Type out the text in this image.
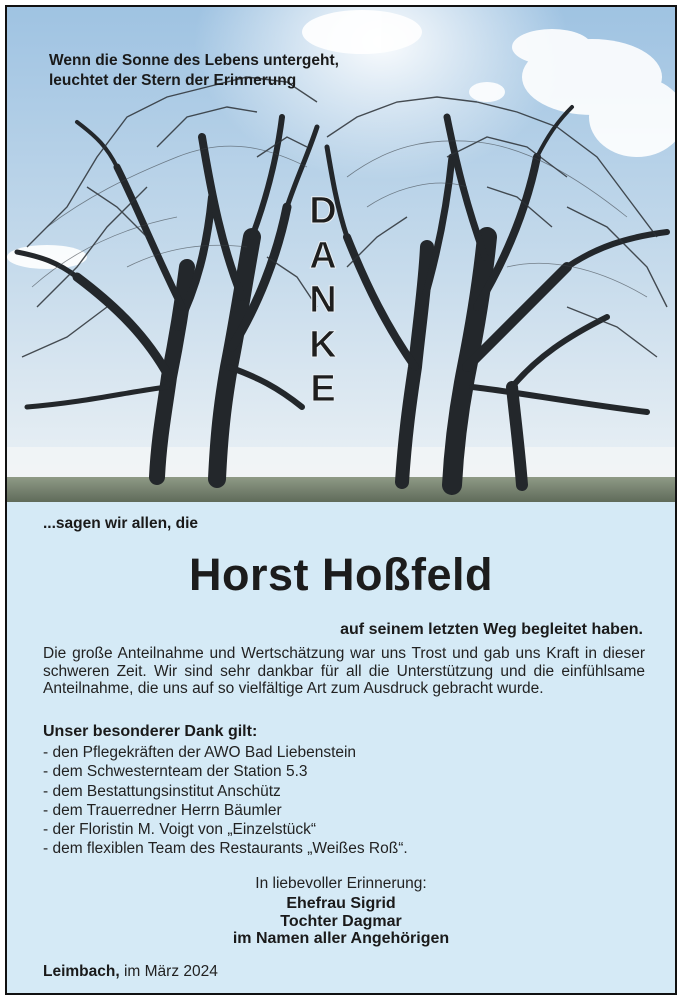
Wenn die Sonne des Lebens untergeht,
leuchtet der Stern der Erinnerung
D
A
N
K
E
...sagen wir allen, die
Horst Hoßfeld
auf seinem letzten Weg begleitet haben.
Die große Anteilnahme und Wertschätzung war uns Trost und gab uns Kraft in dieser schweren Zeit. Wir sind sehr dankbar für all die Unterstützung und die einfühlsame Anteilnahme, die uns auf so vielfältige Art zum Ausdruck gebracht wurde.
Unser besonderer Dank gilt:
- den Pflegekräften der AWO Bad Liebenstein
- dem Schwesternteam der Station 5.3
- dem Bestattungsinstitut Anschütz
- dem Trauerredner Herrn Bäumler
- der Floristin M. Voigt von „Einzelstück“
- dem flexiblen Team des Restaurants „Weißes Roß“.
In liebevoller Erinnerung:
Ehefrau Sigrid
Tochter Dagmar
im Namen aller Angehörigen
Leimbach, im März 2024
